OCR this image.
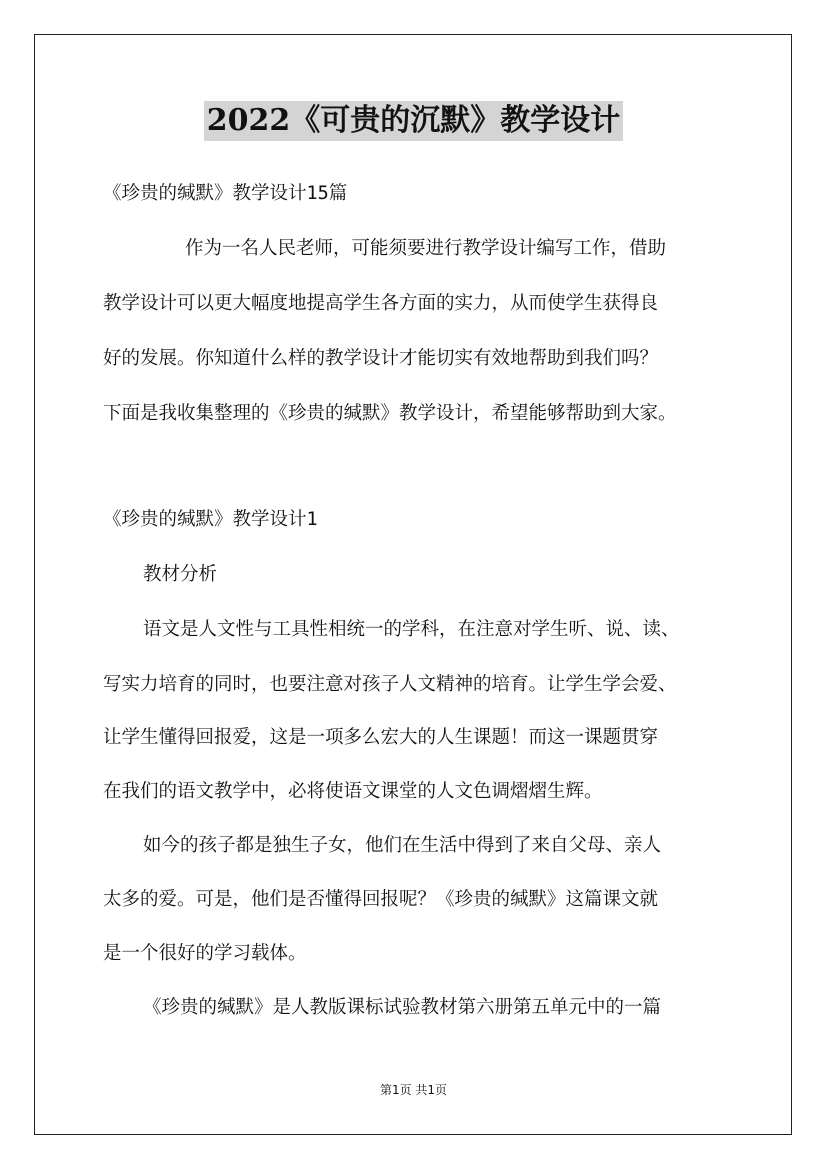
2022《可贵的沉默》教学设计

《珍贵的缄默》教学设计15篇

作为一名人民老师，可能须要进行教学设计编写工作，借助

教学设计可以更大幅度地提高学生各方面的实力，从而使学生获得良

好的发展。你知道什么样的教学设计才能切实有效地帮助到我们吗？

下面是我收集整理的《珍贵的缄默》教学设计，希望能够帮助到大家。

《珍贵的缄默》教学设计1

教材分析

语文是人文性与工具性相统一的学科，在注意对学生听、说、读、

写实力培育的同时，也要注意对孩子人文精神的培育。让学生学会爱、

让学生懂得回报爱，这是一项多么宏大的人生课题！而这一课题贯穿

在我们的语文教学中，必将使语文课堂的人文色调熠熠生辉。

如今的孩子都是独生子女，他们在生活中得到了来自父母、亲人

太多的爱。可是，他们是否懂得回报呢？《珍贵的缄默》这篇课文就

是一个很好的学习载体。

《珍贵的缄默》是人教版课标试验教材第六册第五单元中的一篇

第1页 共1页
